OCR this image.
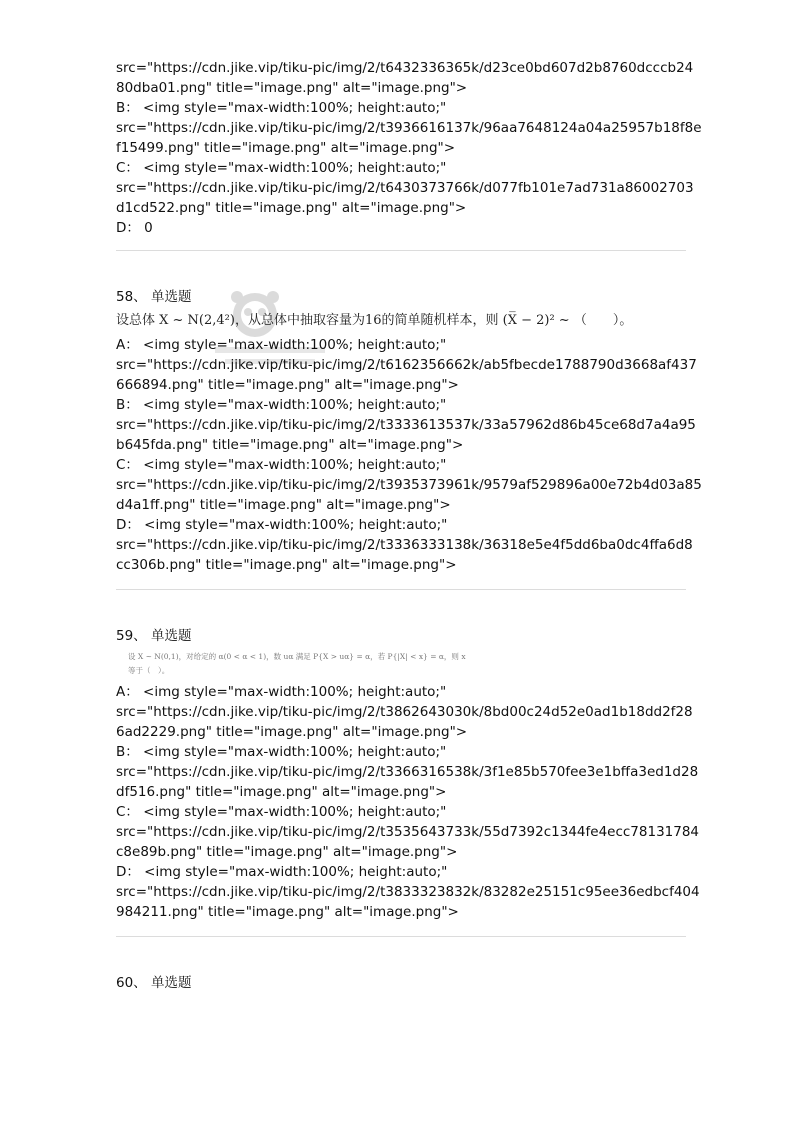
src="https://cdn.jike.vip/tiku-pic/img/2/t6432336365k/d23ce0bd607d2b8760dcccb24
80dba01.png" title="image.png" alt="image.png">
B： <img style="max-width:100%; height:auto;"
src="https://cdn.jike.vip/tiku-pic/img/2/t3936616137k/96aa7648124a04a25957b18f8e
f15499.png" title="image.png" alt="image.png">
C： <img style="max-width:100%; height:auto;"
src="https://cdn.jike.vip/tiku-pic/img/2/t6430373766k/d077fb101e7ad731a86002703
d1cd522.png" title="image.png" alt="image.png">
D： 0
58、 单选题
设总体 X ~ N(2,4²)，从总体中抽取容量为16的简单随机样本，则 (X̅ − 2)² ~ （　　）。
A： <img style="max-width:100%; height:auto;"
src="https://cdn.jike.vip/tiku-pic/img/2/t6162356662k/ab5fbecde1788790d3668af437
666894.png" title="image.png" alt="image.png">
B： <img style="max-width:100%; height:auto;"
src="https://cdn.jike.vip/tiku-pic/img/2/t3333613537k/33a57962d86b45ce68d7a4a95
b645fda.png" title="image.png" alt="image.png">
C： <img style="max-width:100%; height:auto;"
src="https://cdn.jike.vip/tiku-pic/img/2/t3935373961k/9579af529896a00e72b4d03a85
d4a1ff.png" title="image.png" alt="image.png">
D： <img style="max-width:100%; height:auto;"
src="https://cdn.jike.vip/tiku-pic/img/2/t3336333138k/36318e5e4f5dd6ba0dc4ffa6d8
cc306b.png" title="image.png" alt="image.png">
59、 单选题
设 X ~ N(0,1)，对给定的 α(0 < α < 1)，数 uα 满足 P{X > uα} = α，若 P{|X| < x} = α，则 x
等于（　）。
A： <img style="max-width:100%; height:auto;"
src="https://cdn.jike.vip/tiku-pic/img/2/t3862643030k/8bd00c24d52e0ad1b18dd2f28
6ad2229.png" title="image.png" alt="image.png">
B： <img style="max-width:100%; height:auto;"
src="https://cdn.jike.vip/tiku-pic/img/2/t3366316538k/3f1e85b570fee3e1bffa3ed1d28
df516.png" title="image.png" alt="image.png">
C： <img style="max-width:100%; height:auto;"
src="https://cdn.jike.vip/tiku-pic/img/2/t3535643733k/55d7392c1344fe4ecc78131784
c8e89b.png" title="image.png" alt="image.png">
D： <img style="max-width:100%; height:auto;"
src="https://cdn.jike.vip/tiku-pic/img/2/t3833323832k/83282e25151c95ee36edbcf404
984211.png" title="image.png" alt="image.png">
60、 单选题
